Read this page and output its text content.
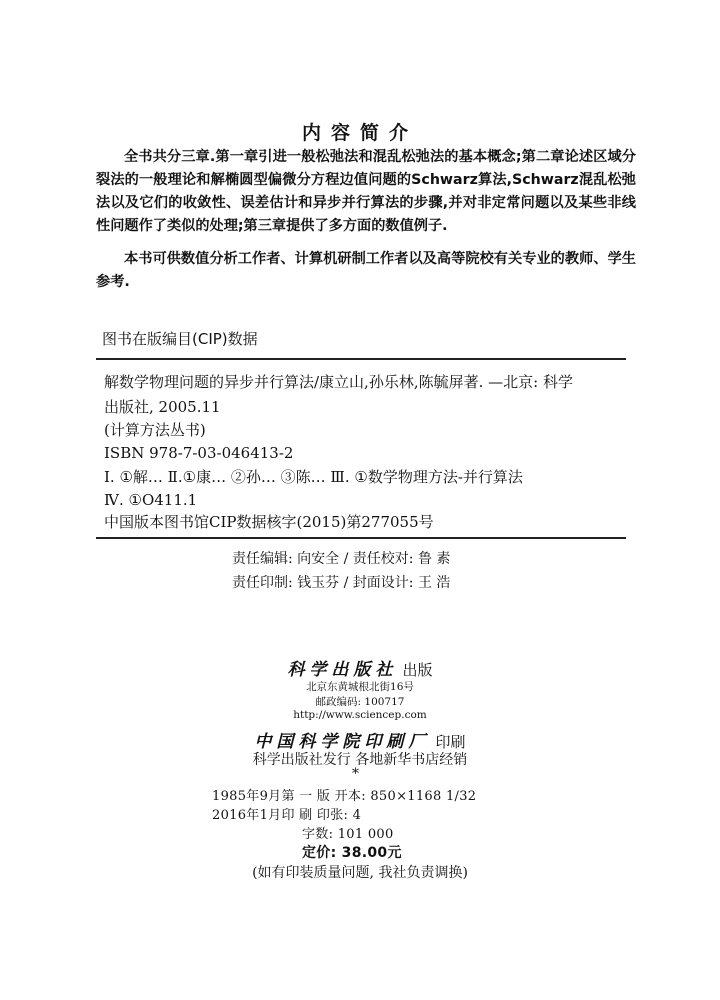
内容简介
全书共分三章.第一章引进一般松弛法和混乱松弛法的基本概念;第二章论述区域分裂法的一般理论和解椭圆型偏微分方程边值问题的Schwarz算法,Schwarz混乱松弛法以及它们的收敛性、误差估计和异步并行算法的步骤,并对非定常问题以及某些非线性问题作了类似的处理;第三章提供了多方面的数值例子.
本书可供数值分析工作者、计算机研制工作者以及高等院校有关专业的教师、学生参考.
图书在版编目(CIP)数据
解数学物理问题的异步并行算法/康立山,孙乐林,陈毓屏著. —北京: 科学
出版社, 2005.11
(计算方法丛书)
ISBN 978-7-03-046413-2
Ⅰ. ①解… Ⅱ.①康… ②孙… ③陈… Ⅲ. ①数学物理方法-并行算法
Ⅳ. ①O411.1
中国版本图书馆CIP数据核字(2015)第277055号
责任编辑: 向安全 / 责任校对: 鲁 素
责任印制: 钱玉芬 / 封面设计: 王 浩
科学出版社 出版
北京东黄城根北街16号
邮政编码: 100717
http://www.sciencep.com
中国科学院印刷厂 印刷
科学出版社发行 各地新华书店经销
*
1985年9月第 一 版 开本: 850×1168 1/32
2016年1月印 刷 印张: 4
字数: 101 000
定价: 38.00元
(如有印装质量问题, 我社负责调换)
